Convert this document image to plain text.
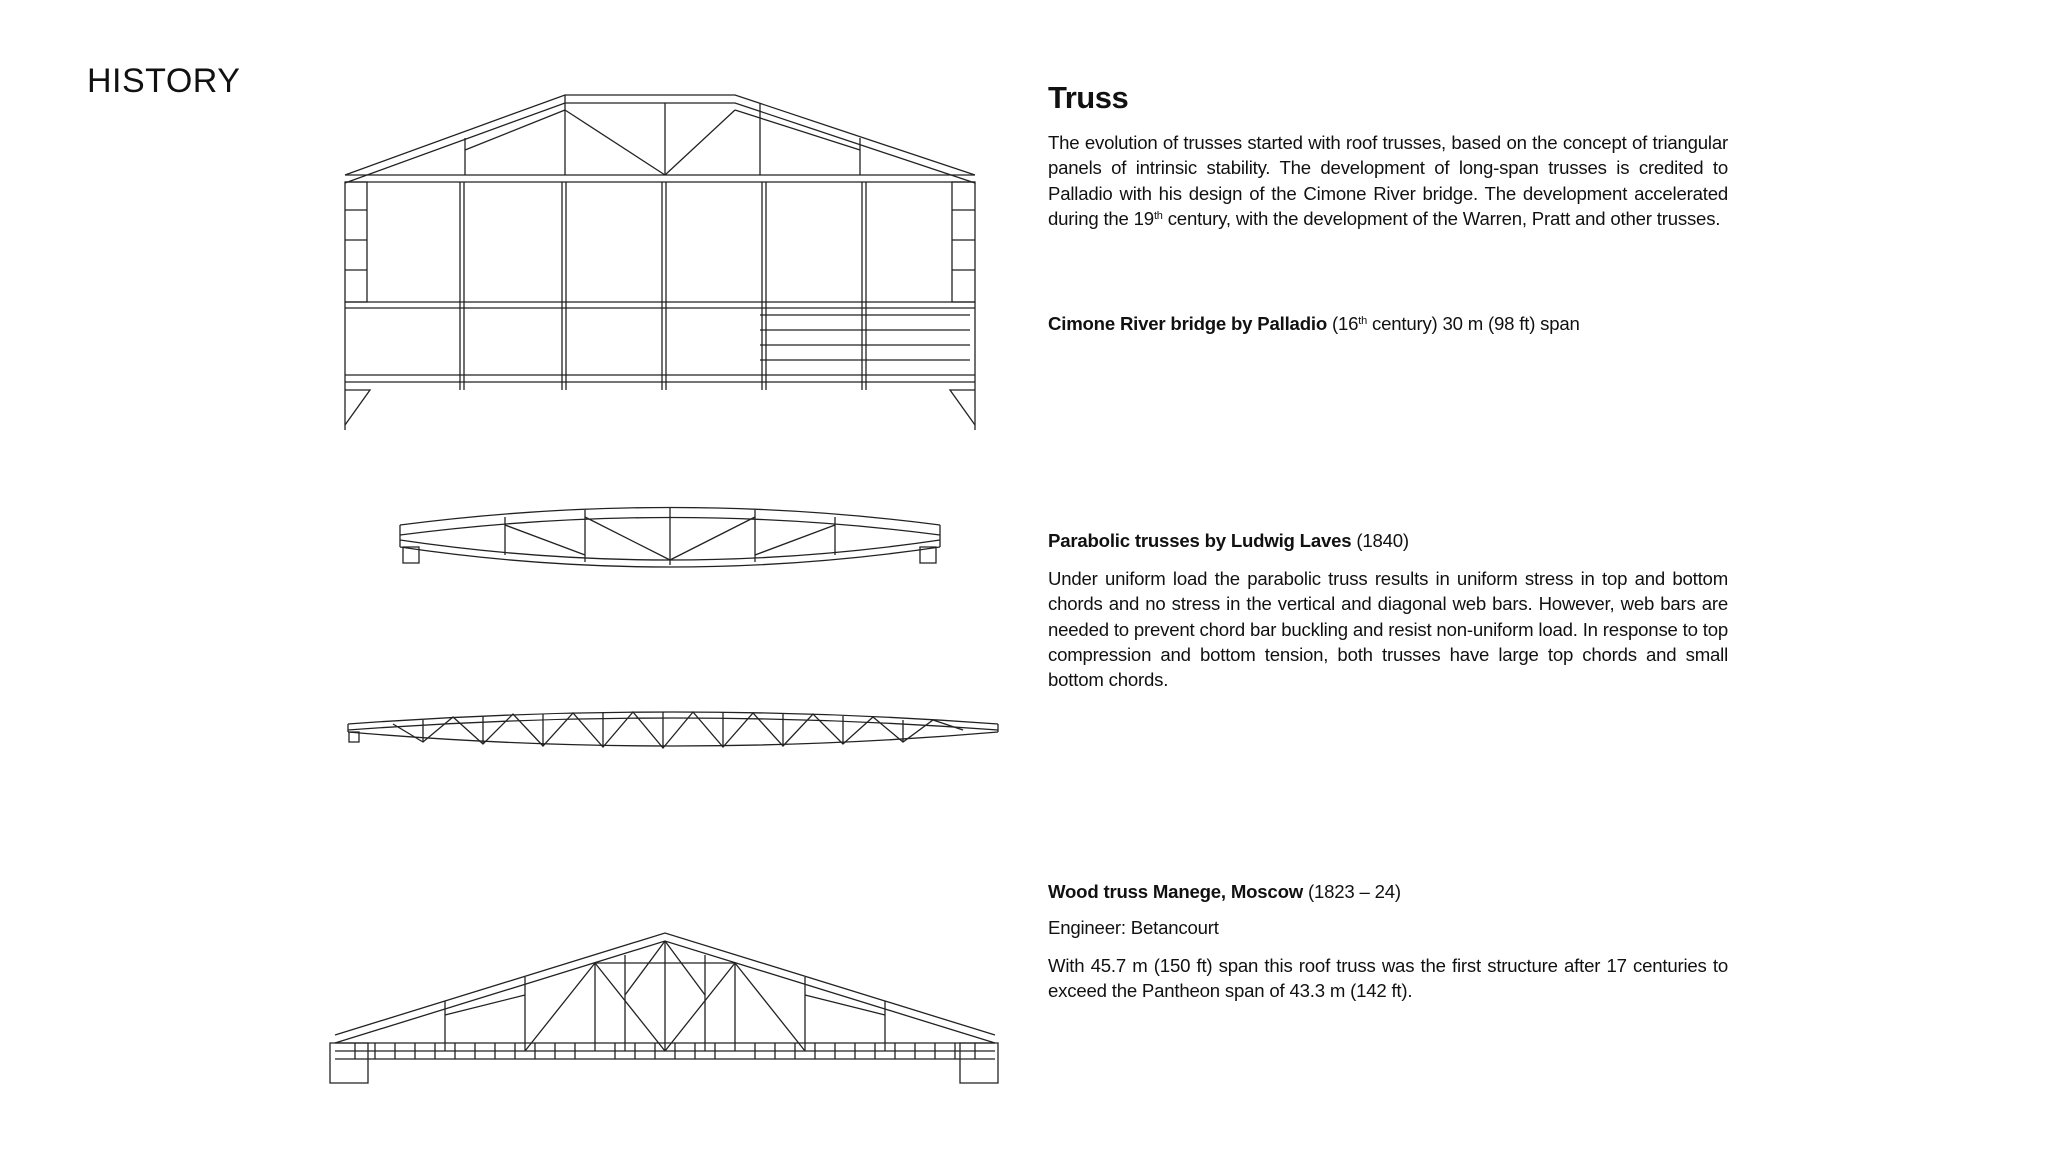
HISTORY	Truss
The evolution of trusses started with roof trusses, based on the concept of triangular panels of intrinsic stability. The development of long-span trusses is credited to Palladio with his design of the Cimone River bridge. The development accelerated during the 19th century, with the development of the Warren, Pratt and other trusses.
Cimone River bridge by Palladio (16th century) 30 m (98 ft) span
Parabolic trusses by Ludwig Laves (1840)
Under uniform load the parabolic truss results in uniform stress in top and bottom chords and no stress in the vertical and diagonal web bars. However, web bars are needed to prevent chord bar buckling and resist non-uniform load. In response to top compression and bottom tension, both trusses have large top chords and small bottom chords.
Wood truss Manege, Moscow (1823 – 24)
Engineer: Betancourt
With 45.7 m (150 ft) span this roof truss was the first structure after 17 centuries to exceed the Pantheon span of 43.3 m (142 ft).
